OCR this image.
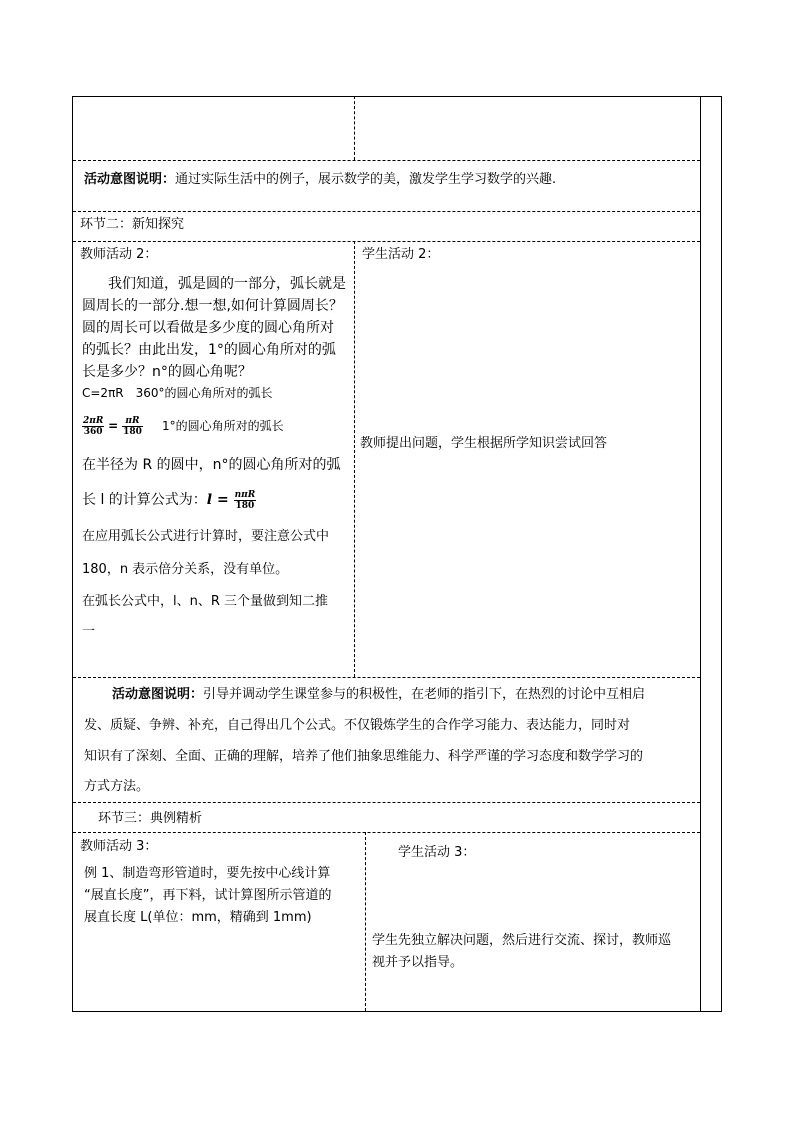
活动意图说明：通过实际生活中的例子，展示数学的美，激发学生学习数学的兴趣.
环节二：新知探究
教师活动 2：	学生活动 2：
我们知道，弧是圆的一部分，弧长就是
圆周长的一部分.想一想,如何计算圆周长？
圆的周长可以看做是多少度的圆心角所对
的弧长？由此出发，1°的圆心角所对的弧
长是多少？n°的圆心角呢？
C=2πR　360°的圆心角所对的弧长
$\frac{2\pi R}{360} = \frac{\pi R}{180} 1^\circ$的圆心角所对的弧长
在半径为 R 的圆中，n°的圆心角所对的弧
长 l 的计算公式为：$l = \frac{\text{nπR}}{180}$
在应用弧长公式进行计算时，要注意公式中
180，n 表示倍分关系，没有单位。
在弧长公式中，l、n、R 三个量做到知二推
一
教师提出问题，学生根据所学知识尝试回答
活动意图说明：引导并调动学生课堂参与的积极性，在老师的指引下，在热烈的讨论中互相启
发、质疑、争辨、补充，自己得出几个公式。不仅锻炼学生的合作学习能力、表达能力，同时对
知识有了深刻、全面、正确的理解，培养了他们抽象思维能力、科学严谨的学习态度和数学学习的
方式方法。
环节三：典例精析
教师活动 3：	学生活动 3：
例 1、制造弯形管道时，要先按中心线计算
“展直长度”，再下料，试计算图所示管道的
展直长度 L(单位：mm，精确到 1mm)
学生先独立解决问题，然后进行交流、探讨，教师巡
视并予以指导。
